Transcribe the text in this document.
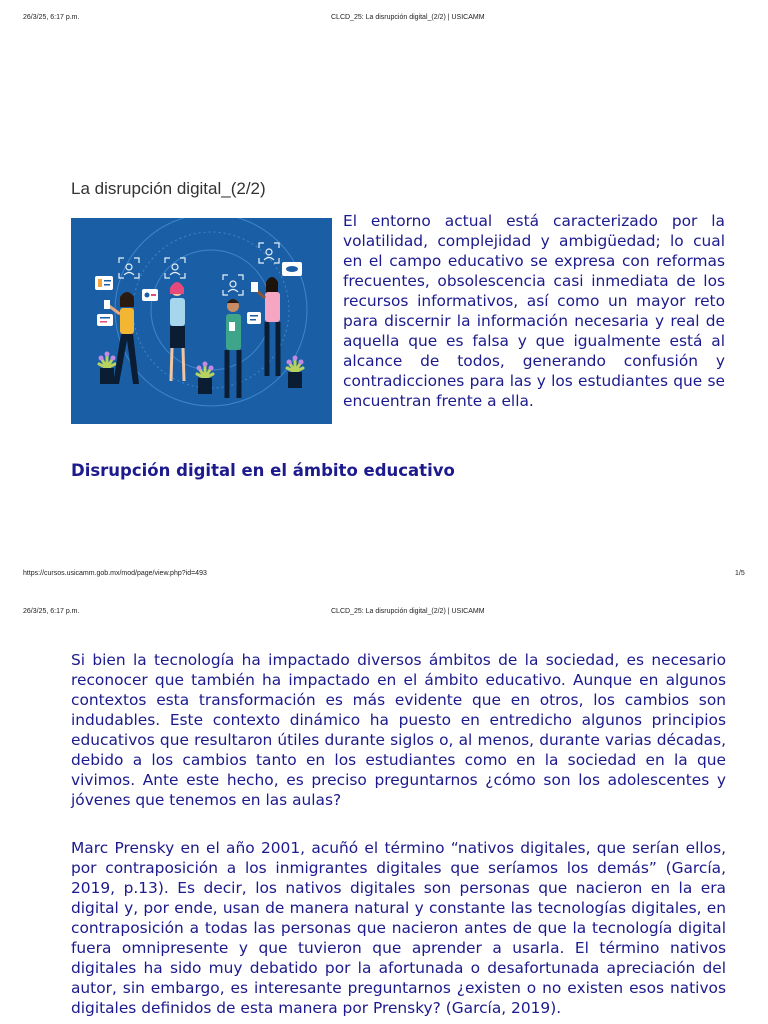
26/3/25, 6:17 p.m.	CLCD_25: La disrupción digital_(2/2) | USICAMM
La disrupción digital_(2/2)

El entorno actual está caracterizado por la volatilidad, complejidad y ambigüedad; lo cual en el campo educativo se expresa con reformas frecuentes, obsolescencia casi inmediata de los recursos informativos, así como un mayor reto para discernir la información necesaria y real de aquella que es falsa y que igualmente está al alcance de todos, generando confusión y contradicciones para las y los estudiantes que se encuentran frente a ella.

Disrupción digital en el ámbito educativo
https://cursos.usicamm.gob.mx/mod/page/view.php?id=493	1/5
26/3/25, 6:17 p.m.	CLCD_25: La disrupción digital_(2/2) | USICAMM

Si bien la tecnología ha impactado diversos ámbitos de la sociedad, es necesario reconocer que también ha impactado en el ámbito educativo. Aunque en algunos contextos esta transformación es más evidente que en otros, los cambios son indudables. Este contexto dinámico ha puesto en entredicho algunos principios educativos que resultaron útiles durante siglos o, al menos, durante varias décadas, debido a los cambios tanto en los estudiantes como en la sociedad en la que vivimos. Ante este hecho, es preciso preguntarnos ¿cómo son los adolescentes y jóvenes que tenemos en las aulas?

Marc Prensky en el año 2001, acuñó el término “nativos digitales, que serían ellos, por contraposición a los inmigrantes digitales que seríamos los demás” (García, 2019, p.13). Es decir, los nativos digitales son personas que nacieron en la era digital y, por ende, usan de manera natural y constante las tecnologías digitales, en contraposición a todas las personas que nacieron antes de que la tecnología digital fuera omnipresente y que tuvieron que aprender a usarla. El término nativos digitales ha sido muy debatido por la afortunada o desafortunada apreciación del autor, sin embargo, es interesante preguntarnos ¿existen o no existen esos nativos digitales definidos de esta manera por Prensky? (García, 2019).
